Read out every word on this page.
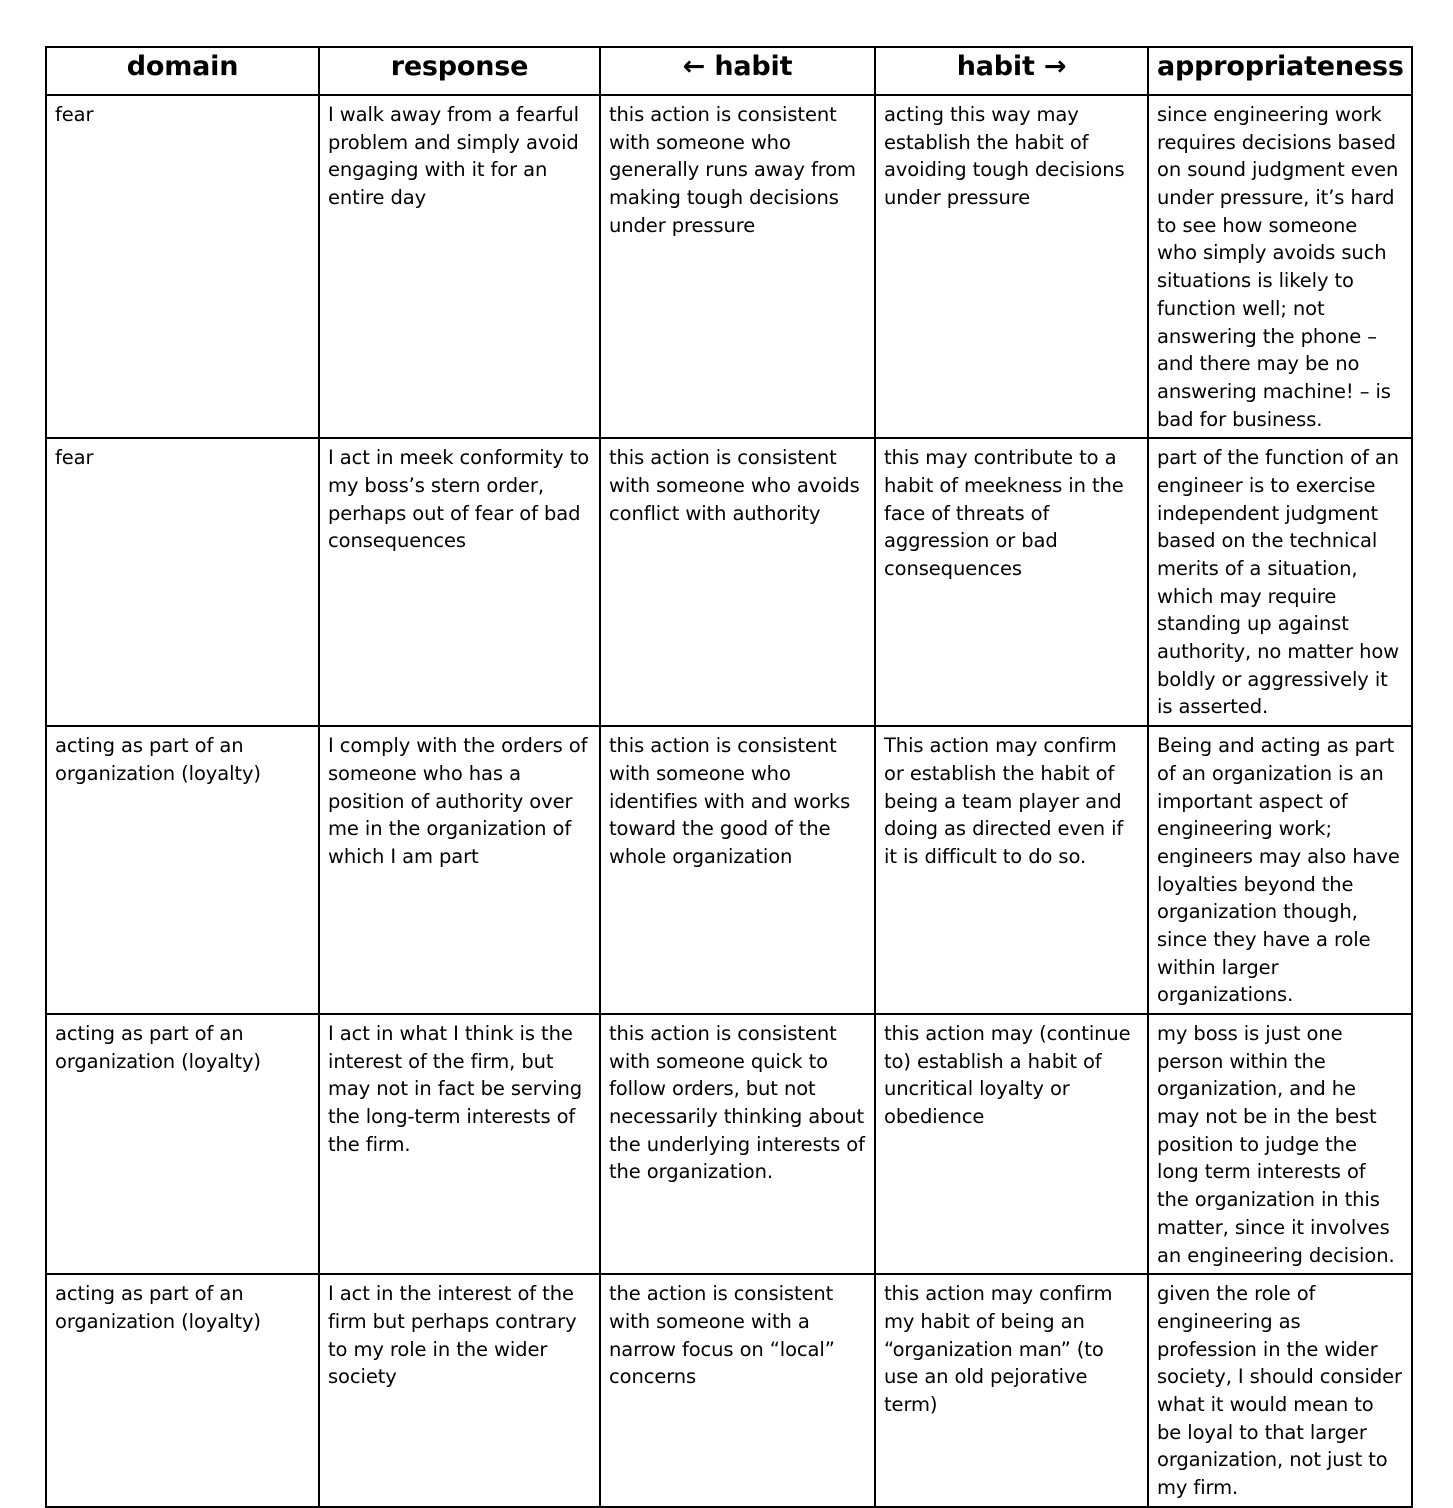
domain	response	← habit	habit →	appropriateness
fear	I walk away from a fearful problem and simply avoid engaging with it for an entire day	this action is consistent with someone who generally runs away from making tough decisions under pressure	acting this way may establish the habit of avoiding tough decisions under pressure	since engineering work requires decisions based on sound judgment even under pressure, it’s hard to see how someone who simply avoids such situations is likely to function well; not answering the phone – and there may be no answering machine! – is bad for business.
fear	I act in meek conformity to my boss’s stern order, perhaps out of fear of bad consequences	this action is consistent with someone who avoids conflict with authority	this may contribute to a habit of meekness in the face of threats of aggression or bad consequences	part of the function of an engineer is to exercise independent judgment based on the technical merits of a situation, which may require standing up against authority, no matter how boldly or aggressively it is asserted.
acting as part of an organization (loyalty)	I comply with the orders of someone who has a position of authority over me in the organization of which I am part	this action is consistent with someone who identifies with and works toward the good of the whole organization	This action may confirm or establish the habit of being a team player and doing as directed even if it is difficult to do so.	Being and acting as part of an organization is an important aspect of engineering work; engineers may also have loyalties beyond the organization though, since they have a role within larger organizations.
acting as part of an organization (loyalty)	I act in what I think is the interest of the firm, but may not in fact be serving the long-term interests of the firm.	this action is consistent with someone quick to follow orders, but not necessarily thinking about the underlying interests of the organization.	this action may (continue to) establish a habit of uncritical loyalty or obedience	my boss is just one person within the organization, and he may not be in the best position to judge the long term interests of the organization in this matter, since it involves an engineering decision.
acting as part of an organization (loyalty)	I act in the interest of the firm but perhaps contrary to my role in the wider society	the action is consistent with someone with a narrow focus on “local” concerns	this action may confirm my habit of being an “organization man” (to use an old pejorative term)	given the role of engineering as profession in the wider society, I should consider what it would mean to be loyal to that larger organization, not just to my firm.
